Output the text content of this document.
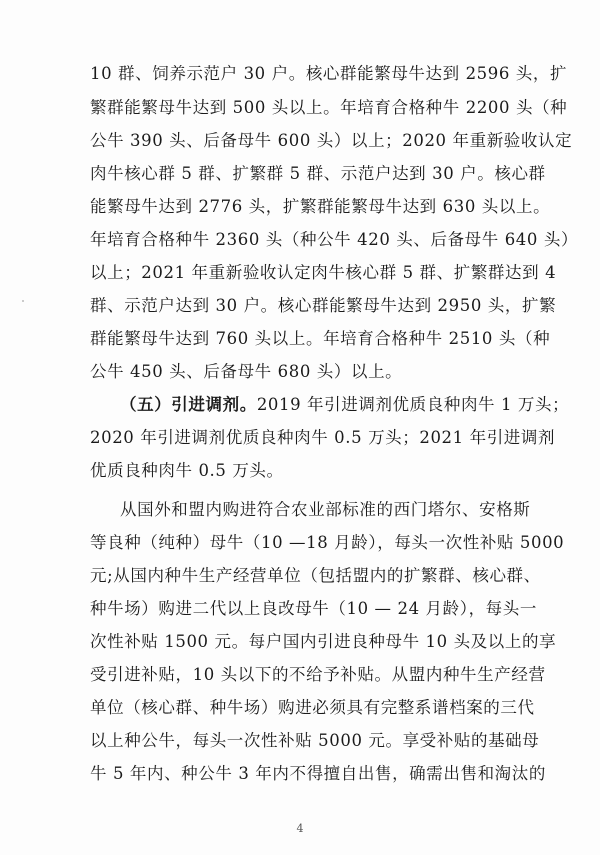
10 群、饲养示范户 30 户。核心群能繁母牛达到 2596 头，扩
繁群能繁母牛达到 500 头以上。年培育合格种牛 2200 头（种
公牛 390 头、后备母牛 600 头）以上；2020 年重新验收认定
肉牛核心群 5 群、扩繁群 5 群、示范户达到 30 户。核心群
能繁母牛达到 2776 头，扩繁群能繁母牛达到 630 头以上。
年培育合格种牛 2360 头（种公牛 420 头、后备母牛 640 头）
以上；2021 年重新验收认定肉牛核心群 5 群、扩繁群达到 4
群、示范户达到 30 户。核心群能繁母牛达到 2950 头，扩繁
群能繁母牛达到 760 头以上。年培育合格种牛 2510 头（种
公牛 450 头、后备母牛 680 头）以上。
（五）引进调剂。2019 年引进调剂优质良种肉牛 1 万头；
2020 年引进调剂优质良种肉牛 0.5 万头；2021 年引进调剂
优质良种肉牛 0.5 万头。
从国外和盟内购进符合农业部标准的西门塔尔、安格斯
等良种（纯种）母牛（10 —18 月龄），每头一次性补贴 5000
元;从国内种牛生产经营单位（包括盟内的扩繁群、核心群、
种牛场）购进二代以上良改母牛（10 — 24 月龄），每头一
次性补贴 1500 元。每户国内引进良种母牛 10 头及以上的享
受引进补贴，10 头以下的不给予补贴。从盟内种牛生产经营
单位（核心群、种牛场）购进必须具有完整系谱档案的三代
以上种公牛，每头一次性补贴 5000 元。享受补贴的基础母
牛 5 年内、种公牛 3 年内不得擅自出售，确需出售和淘汰的
4
